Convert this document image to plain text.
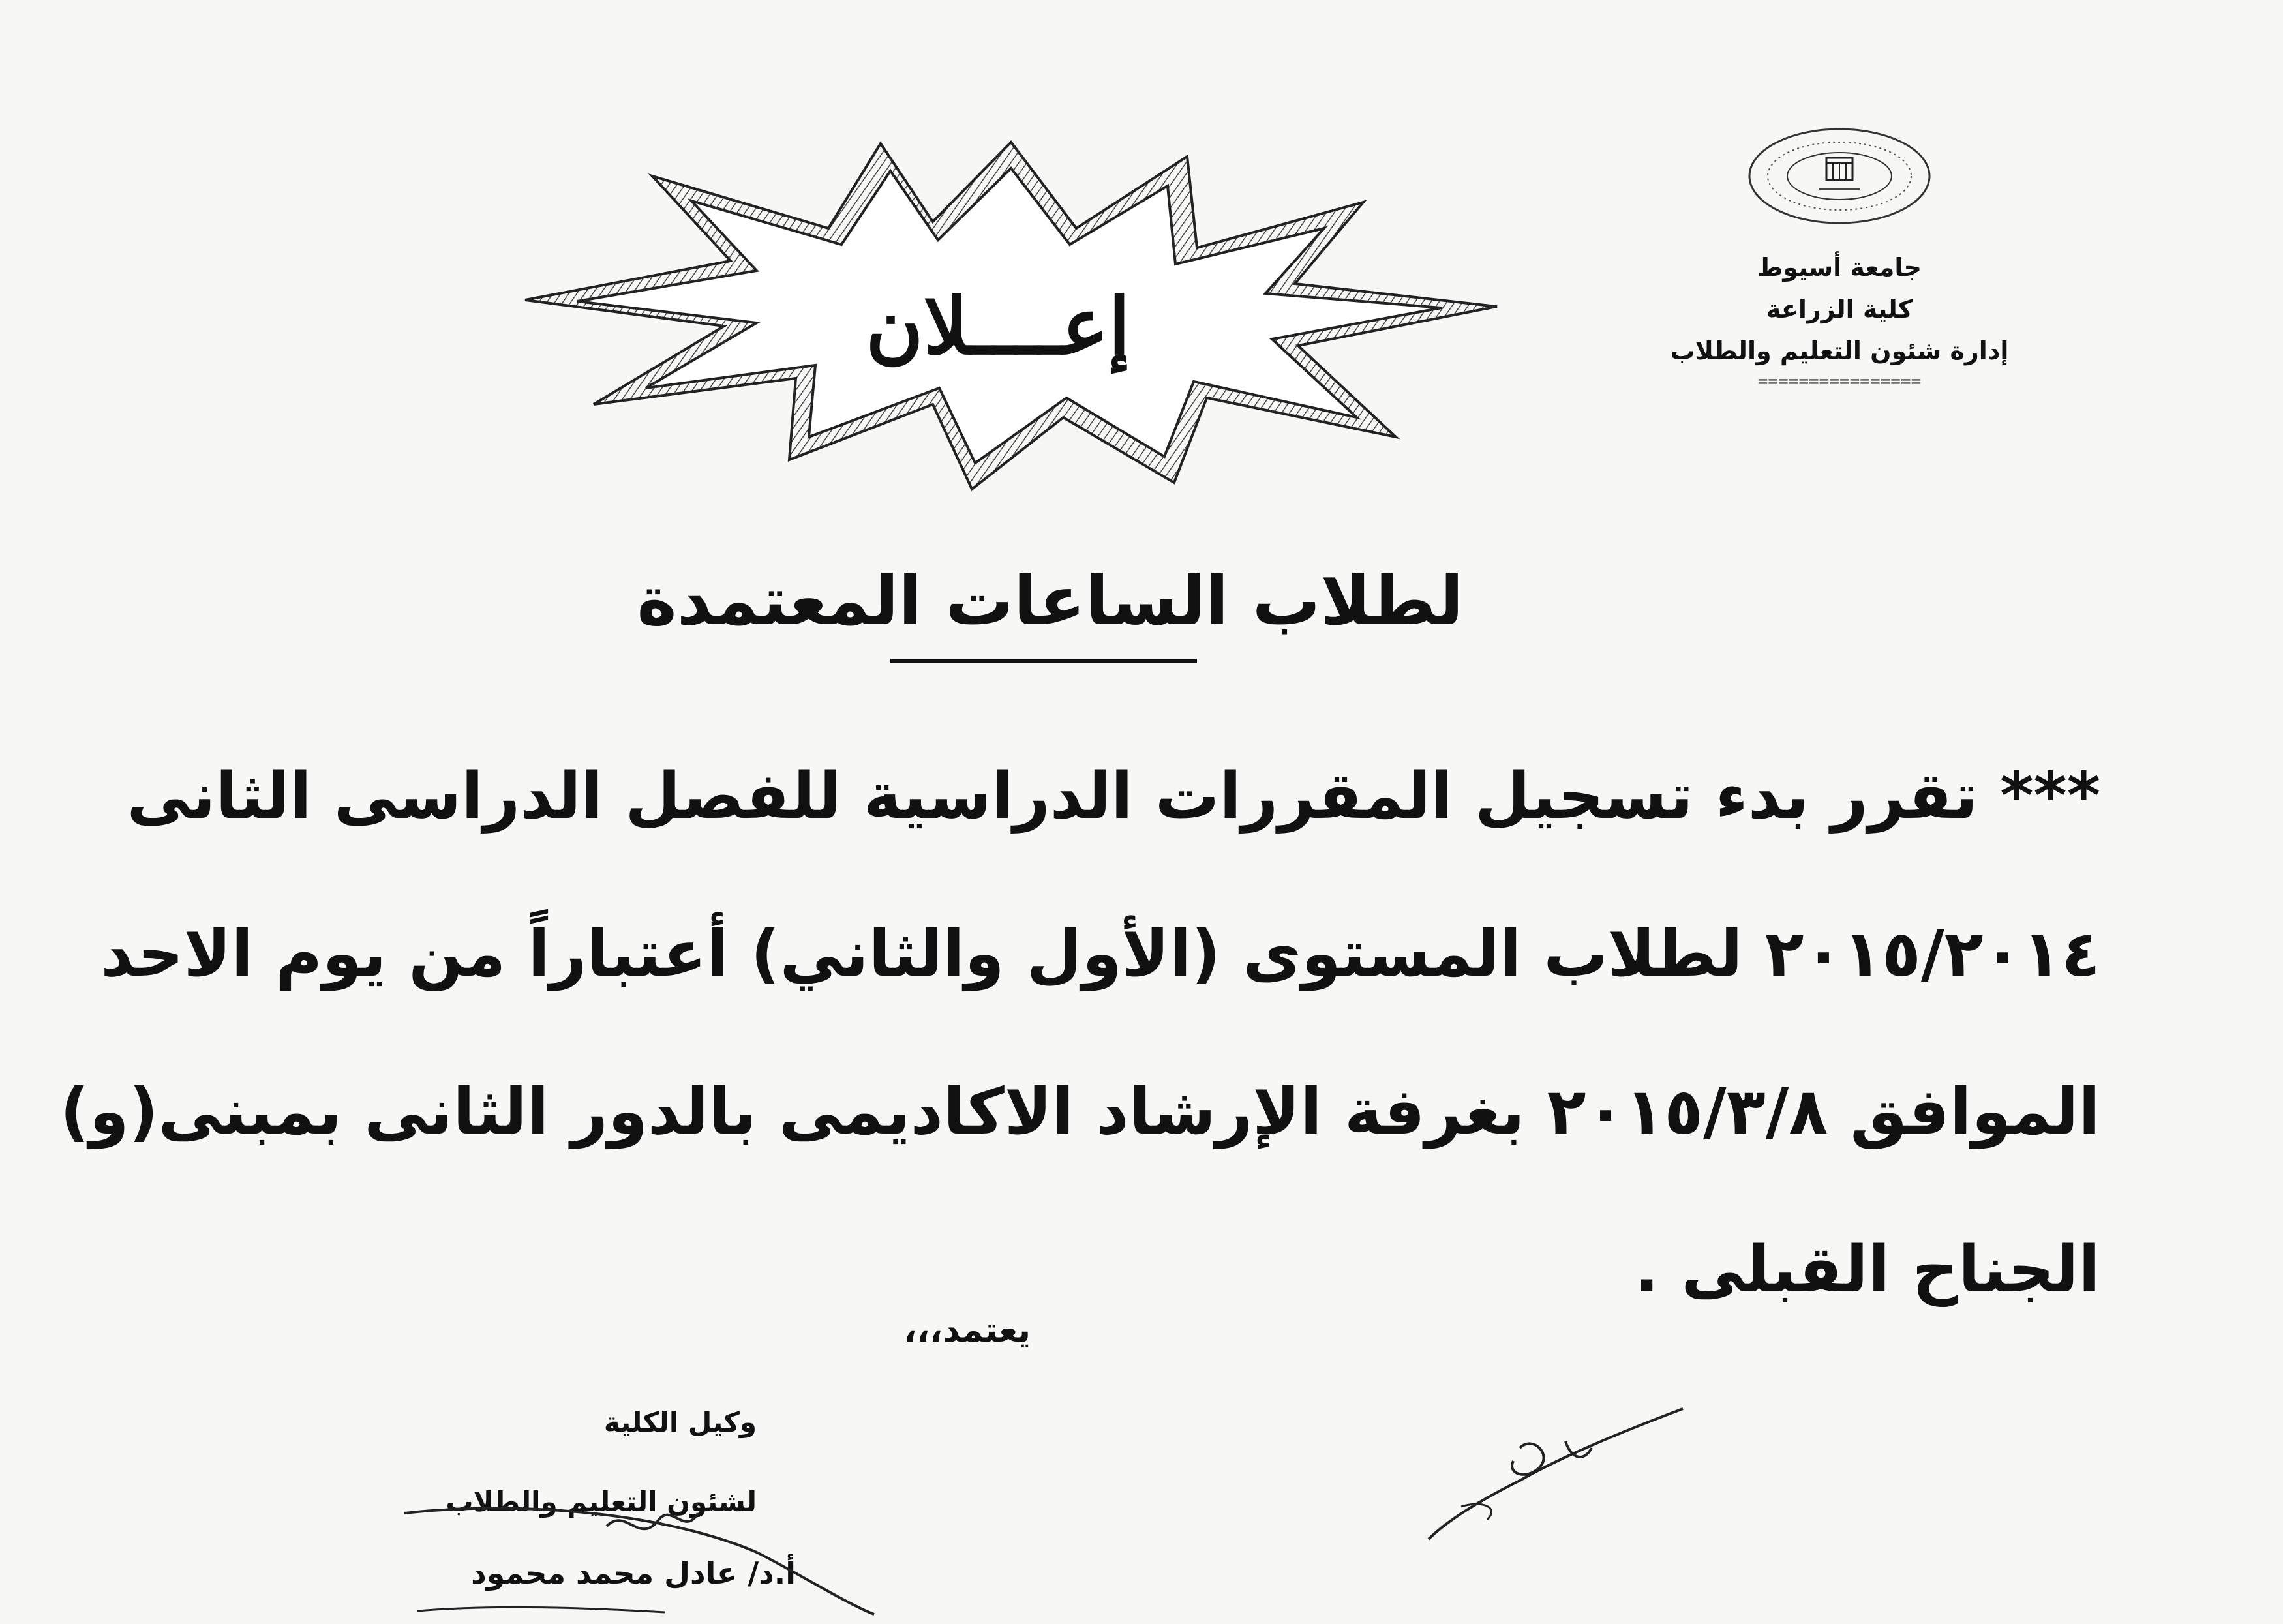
جامعة أسيوط
كلية الزراعة
إدارة شئون التعليم والطلاب
================
إعــــلان
لطلاب الساعات المعتمدة
*** تقرر بدء تسجيل المقررات الدراسية للفصل الدراسى الثانى
٢٠١٥/٢٠١٤ لطلاب المستوى (الأول والثاني) أعتباراً من يوم الاحد
الموافق ٢٠١٥/٣/٨ بغرفة الإرشاد الاكاديمى بالدور الثانى بمبنى(و)
الجناح القبلى .
يعتمد،،،
وكيل الكلية
لشئون التعليم والطلاب
أ.د/ عادل محمد محمود
